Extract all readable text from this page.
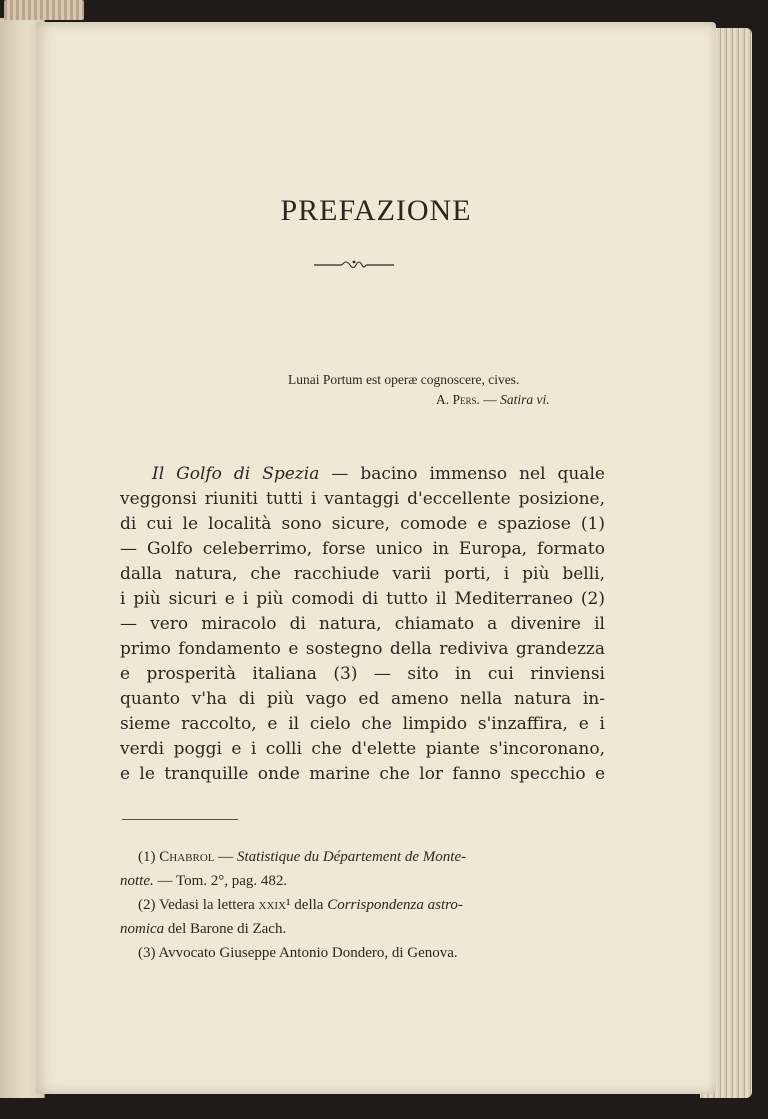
PREFAZIONE
Lunai Portum est operæ cognoscere, cives.
A. Pers. — Satira vi.
Il Golfo di Spezia — bacino immenso nel quale
veggonsi riuniti tutti i vantaggi d'eccellente posizione,
di cui le località sono sicure, comode e spaziose (1)
— Golfo celeberrimo, forse unico in Europa, formato
dalla natura, che racchiude varii porti, i più belli,
i più sicuri e i più comodi di tutto il Mediterraneo (2)
— vero miracolo di natura, chiamato a divenire il
primo fondamento e sostegno della rediviva grandezza
e prosperità italiana (3) — sito in cui rinviensi
quanto v'ha di più vago ed ameno nella natura in-
sieme raccolto, e il cielo che limpido s'inzaffira, e i
verdi poggi e i colli che d'elette piante s'incoronano,
e le tranquille onde marine che lor fanno specchio e
(1) Chabrol — Statistique du Département de Monte-
notte. — Tom. 2°, pag. 482.
(2) Vedasi la lettera xxix¹ della Corrispondenza astro-
nomica del Barone di Zach.
(3) Avvocato Giuseppe Antonio Dondero, di Genova.
